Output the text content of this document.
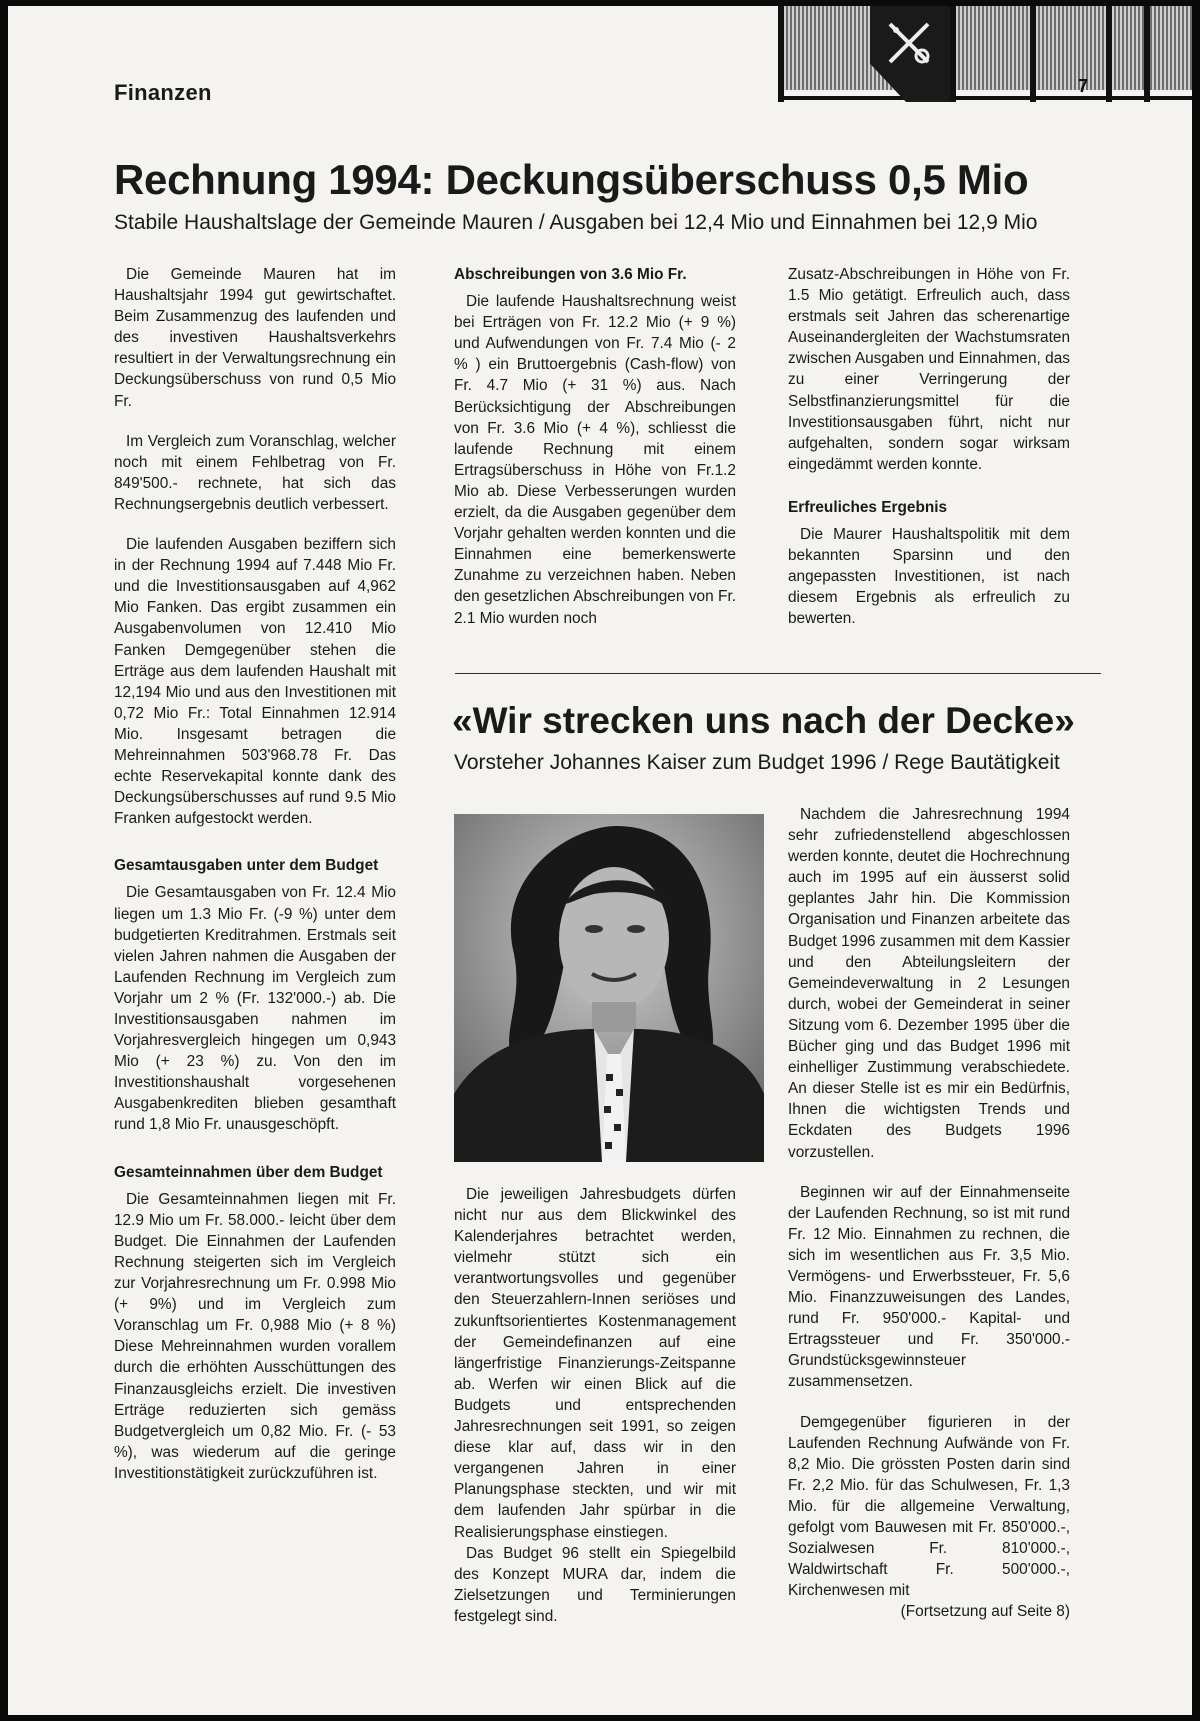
Finanzen	7
Rechnung 1994: Deckungsüberschuss 0,5 Mio
Stabile Haushaltslage der Gemeinde Mauren / Ausgaben bei 12,4 Mio und Einnahmen bei 12,9 Mio

Die Gemeinde Mauren hat im Haushaltsjahr 1994 gut gewirtschaftet. Beim Zusammenzug des laufenden und des investiven Haushaltsverkehrs resultiert in der Verwaltungsrechnung ein Deckungsüberschuss von rund 0,5 Mio Fr.

Im Vergleich zum Voranschlag, welcher noch mit einem Fehlbetrag von Fr. 849'500.- rechnete, hat sich das Rechnungsergebnis deutlich verbessert.

Die laufenden Ausgaben beziffern sich in der Rechnung 1994 auf 7.448 Mio Fr. und die Investitionsausgaben auf 4,962 Mio Fanken. Das ergibt zusammen ein Ausgabenvolumen von 12.410 Mio Fanken Demgegenüber stehen die Erträge aus dem laufenden Haushalt mit 12,194 Mio und aus den Investitionen mit 0,72 Mio Fr.: Total Einnahmen 12.914 Mio. Insgesamt betragen die Mehreinnahmen 503'968.78 Fr. Das echte Reservekapital konnte dank des Deckungsüberschusses auf rund 9.5 Mio Franken aufgestockt werden.

Gesamtausgaben unter dem Budget

Die Gesamtausgaben von Fr. 12.4 Mio liegen um 1.3 Mio Fr. (-9 %) unter dem budgetierten Kreditrahmen. Erstmals seit vielen Jahren nahmen die Ausgaben der Laufenden Rechnung im Vergleich zum Vorjahr um 2 % (Fr. 132'000.-) ab. Die Investitionsausgaben nahmen im Vorjahresvergleich hingegen um 0,943 Mio (+ 23 %) zu. Von den im Investitionshaushalt vorgesehenen Ausgabenkrediten blieben gesamthaft rund 1,8 Mio Fr. unausgeschöpft.

Gesamteinnahmen über dem Budget

Die Gesamteinnahmen liegen mit Fr. 12.9 Mio um Fr. 58.000.- leicht über dem Budget. Die Einnahmen der Laufenden Rechnung steigerten sich im Vergleich zur Vorjahresrechnung um Fr. 0.998 Mio (+ 9%) und im Vergleich zum Voranschlag um Fr. 0,988 Mio (+ 8 %) Diese Mehreinnahmen wurden vorallem durch die erhöhten Ausschüttungen des Finanzausgleichs erzielt. Die investiven Erträge reduzierten sich gemäss Budgetvergleich um 0,82 Mio. Fr. (- 53 %), was wiederum auf die geringe Investitionstätigkeit zurückzuführen ist.

Abschreibungen von 3.6 Mio Fr.

Die laufende Haushaltsrechnung weist bei Erträgen von Fr. 12.2 Mio (+ 9 %) und Aufwendungen von Fr. 7.4 Mio (- 2 % ) ein Bruttoergebnis (Cash-flow) von Fr. 4.7 Mio (+ 31 %) aus. Nach Berücksichtigung der Abschreibungen von Fr. 3.6 Mio (+ 4 %), schliesst die laufende Rechnung mit einem Ertragsüberschuss in Höhe von Fr.1.2 Mio ab. Diese Verbesserungen wurden erzielt, da die Ausgaben gegenüber dem Vorjahr gehalten werden konnten und die Einnahmen eine bemerkenswerte Zunahme zu verzeichnen haben. Neben den gesetzlichen Abschreibungen von Fr. 2.1 Mio wurden noch

Zusatz-Abschreibungen in Höhe von Fr. 1.5 Mio getätigt. Erfreulich auch, dass erstmals seit Jahren das scherenartige Auseinandergleiten der Wachstumsraten zwischen Ausgaben und Einnahmen, das zu einer Verringerung der Selbstfinanzierungsmittel für die Investitionsausgaben führt, nicht nur aufgehalten, sondern sogar wirksam eingedämmt werden konnte.

Erfreuliches Ergebnis

Die Maurer Haushaltspolitik mit dem bekannten Sparsinn und den angepassten Investitionen, ist nach diesem Ergebnis als erfreulich zu bewerten.

«Wir strecken uns nach der Decke»
Vorsteher Johannes Kaiser zum Budget 1996 / Rege Bautätigkeit

Die jeweiligen Jahresbudgets dürfen nicht nur aus dem Blickwinkel des Kalenderjahres betrachtet werden, vielmehr stützt sich ein verantwortungsvolles und gegenüber den Steuerzahlern-Innen seriöses und zukunftsorientiertes Kostenmanagement der Gemeindefinanzen auf eine längerfristige Finanzierungs-Zeitspanne ab. Werfen wir einen Blick auf die Budgets und entsprechenden Jahresrechnungen seit 1991, so zeigen diese klar auf, dass wir in den vergangenen Jahren in einer Planungsphase steckten, und wir mit dem laufenden Jahr spürbar in die Realisierungsphase einstiegen.

Das Budget 96 stellt ein Spiegelbild des Konzept MURA dar, indem die Zielsetzungen und Terminierungen festgelegt sind.

Nachdem die Jahresrechnung 1994 sehr zufriedenstellend abgeschlossen werden konnte, deutet die Hochrechnung auch im 1995 auf ein äusserst solid geplantes Jahr hin. Die Kommission Organisation und Finanzen arbeitete das Budget 1996 zusammen mit dem Kassier und den Abteilungsleitern der Gemeindeverwaltung in 2 Lesungen durch, wobei der Gemeinderat in seiner Sitzung vom 6. Dezember 1995 über die Bücher ging und das Budget 1996 mit einhelliger Zustimmung verabschiedete. An dieser Stelle ist es mir ein Bedürfnis, Ihnen die wichtigsten Trends und Eckdaten des Budgets 1996 vorzustellen.

Beginnen wir auf der Einnahmenseite der Laufenden Rechnung, so ist mit rund Fr. 12 Mio. Einnahmen zu rechnen, die sich im wesentlichen aus Fr. 3,5 Mio. Vermögens- und Erwerbssteuer, Fr. 5,6 Mio. Finanzzuweisungen des Landes, rund Fr. 950'000.- Kapital- und Ertragssteuer und Fr. 350'000.- Grundstücksgewinnsteuer zusammensetzen.

Demgegenüber figurieren in der Laufenden Rechnung Aufwände von Fr. 8,2 Mio. Die grössten Posten darin sind Fr. 2,2 Mio. für das Schulwesen, Fr. 1,3 Mio. für die allgemeine Verwaltung, gefolgt vom Bauwesen mit Fr. 850'000.-, Sozialwesen Fr. 810'000.-, Waldwirtschaft Fr. 500'000.-, Kirchenwesen mit

(Fortsetzung auf Seite 8)
